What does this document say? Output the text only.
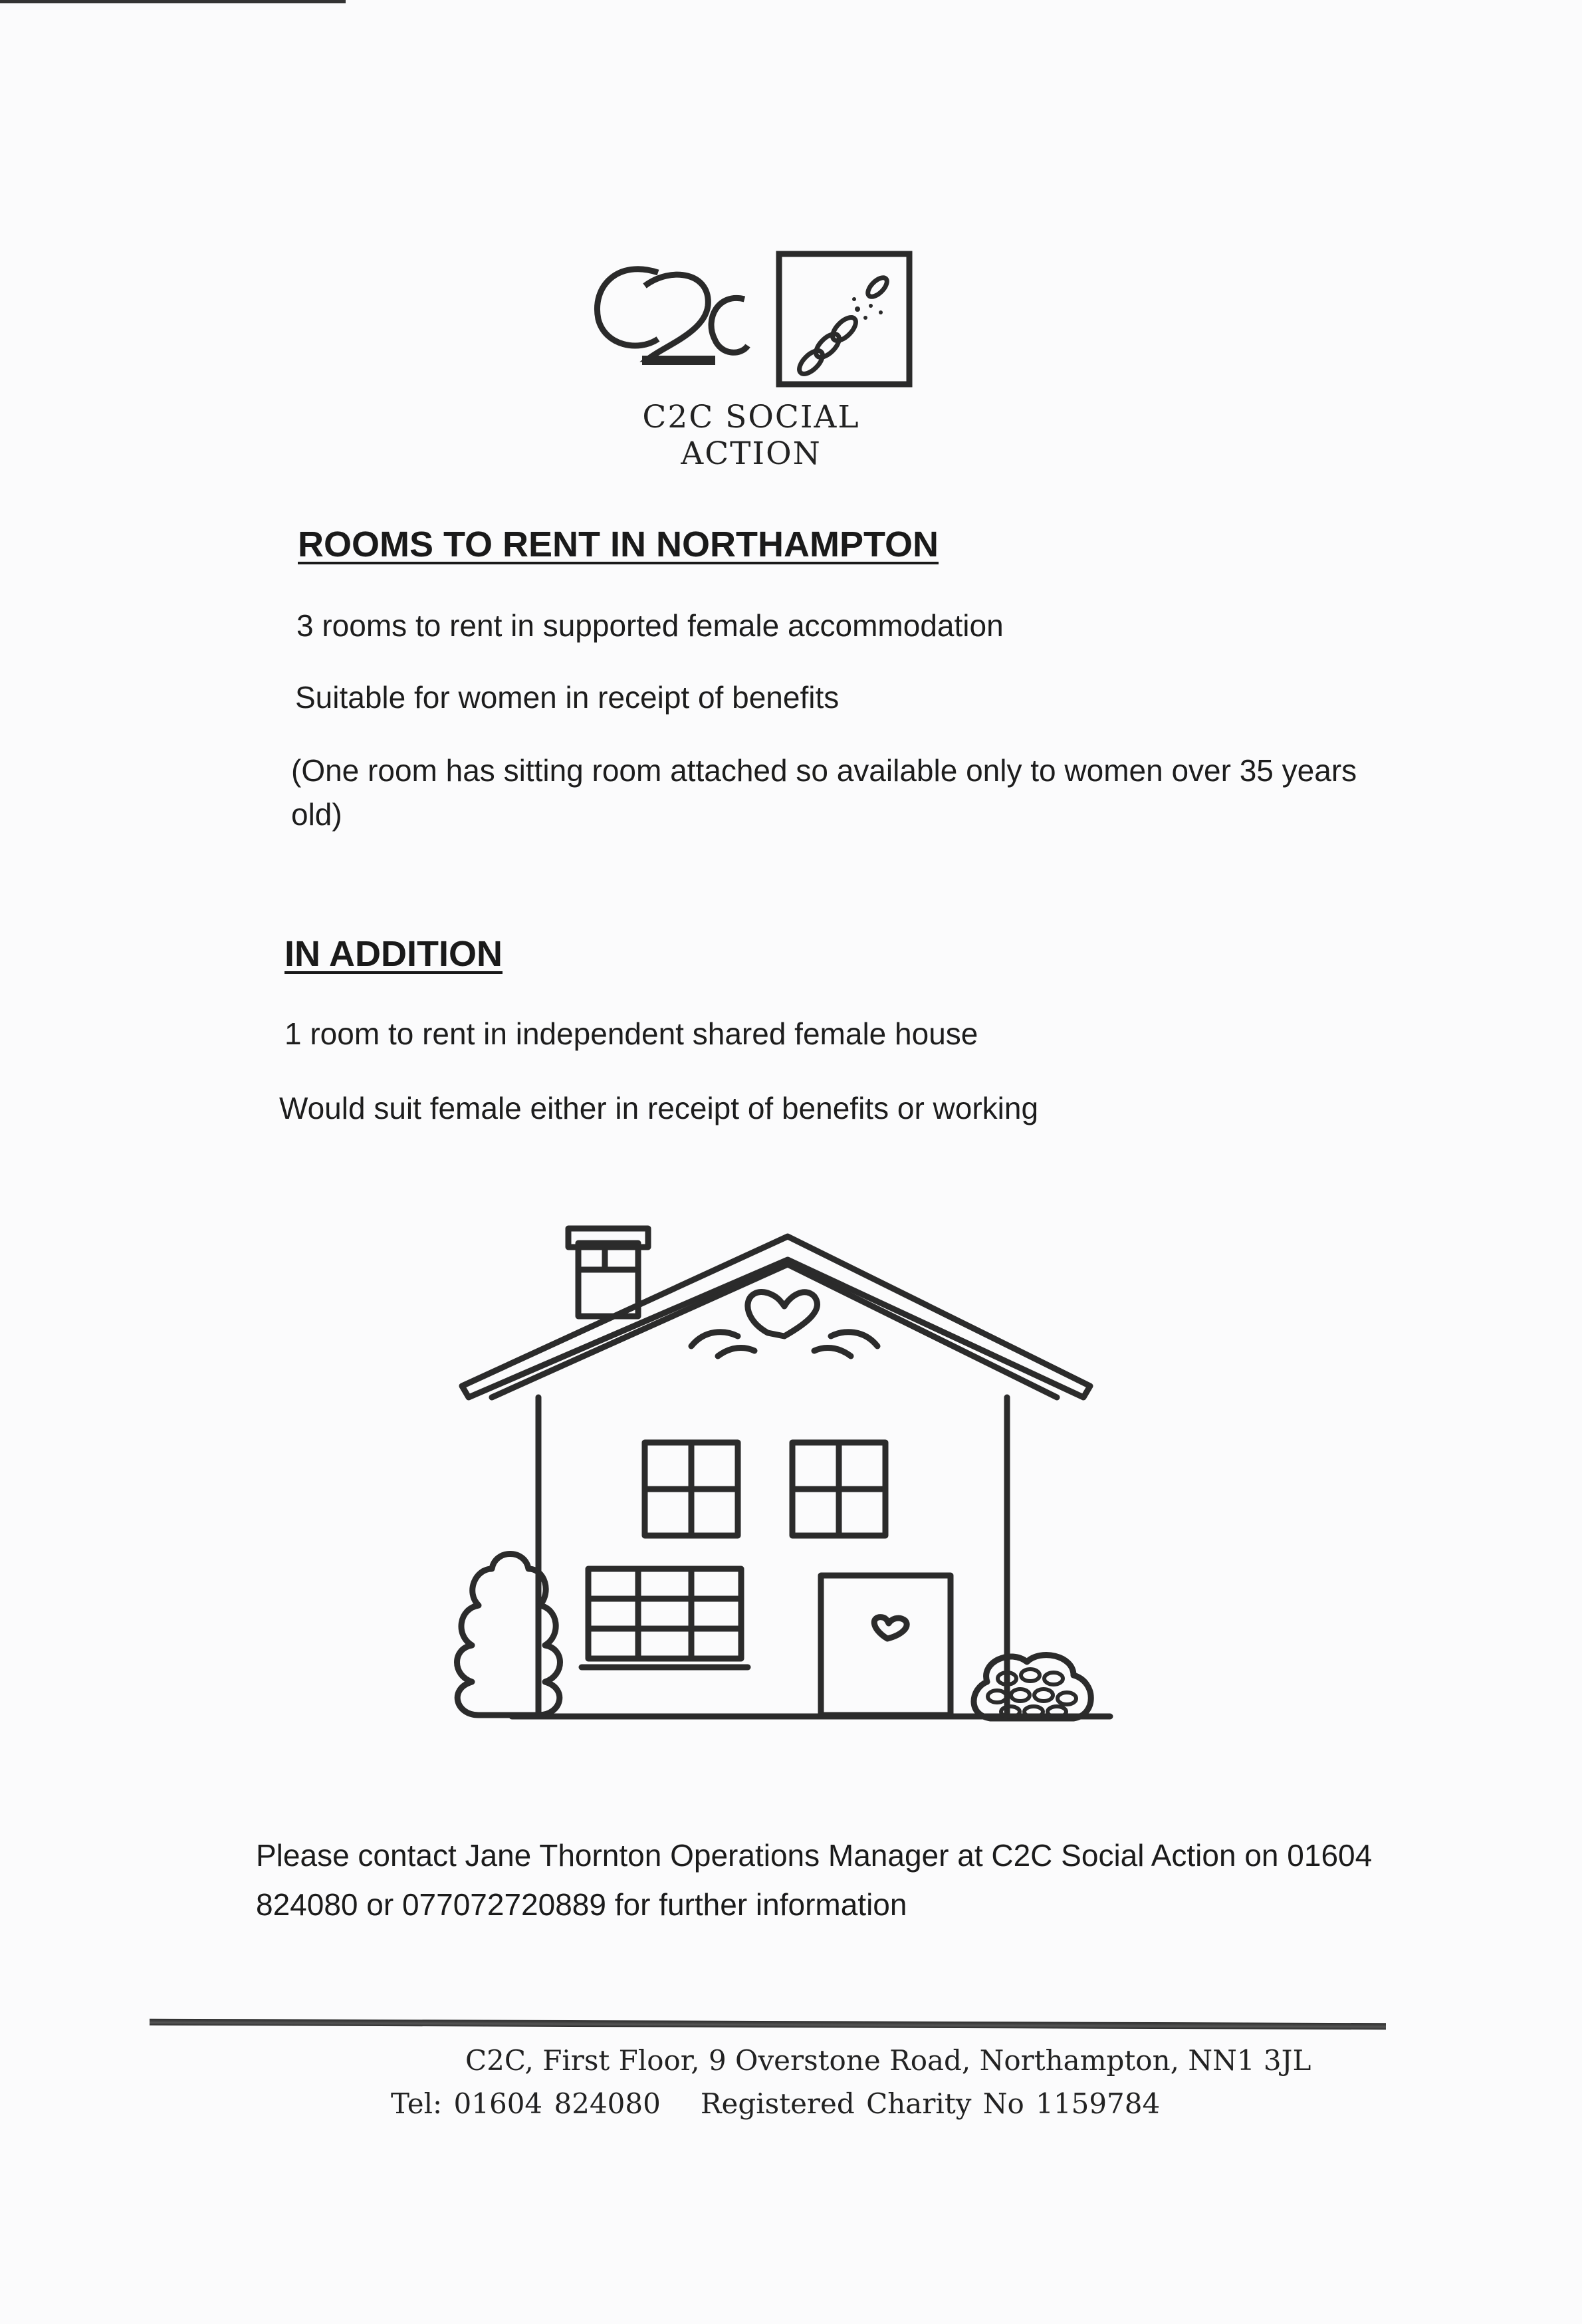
C2C SOCIAL ACTION
ROOMS TO RENT IN NORTHAMPTON
3 rooms to rent in supported female accommodation
Suitable for women in receipt of benefits
(One room has sitting room attached so available only to women over 35 years old)
IN ADDITION
1 room to rent in independent shared female house
Would suit female either in receipt of benefits or working
Please contact Jane Thornton Operations Manager at C2C Social Action on 01604 824080 or 077072720889 for further information
C2C, First Floor, 9 Overstone Road, Northampton, NN1 3JL
Tel: 01604 824080 Registered Charity No 1159784
